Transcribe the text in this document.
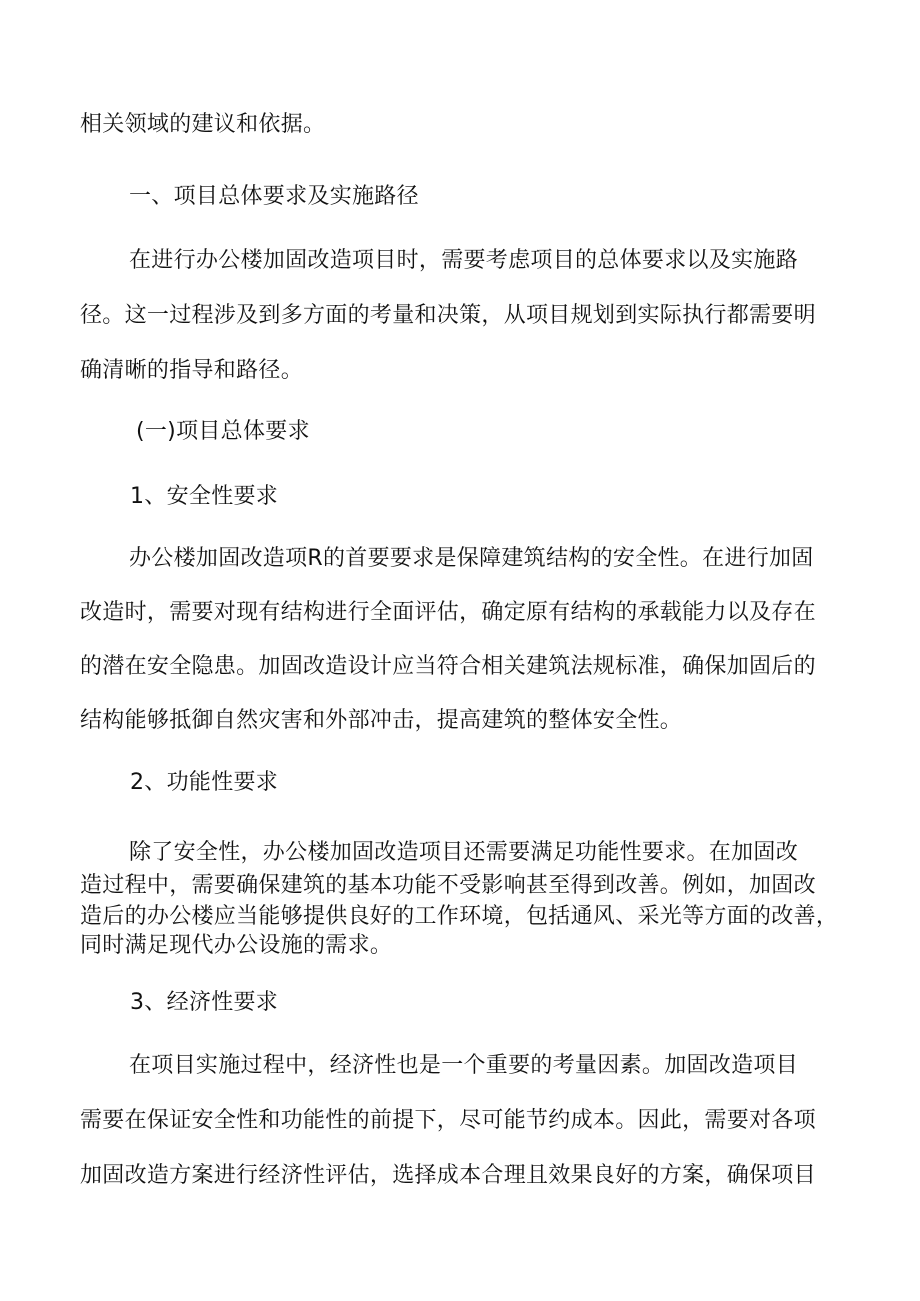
相关领域的建议和依据。
一、项目总体要求及实施路径
在进行办公楼加固改造项目时，需要考虑项目的总体要求以及实施路
径。这一过程涉及到多方面的考量和决策，从项目规划到实际执行都需要明
确清晰的指导和路径。
(一)项目总体要求
1、安全性要求
办公楼加固改造项R的首要要求是保障建筑结构的安全性。在进行加固
改造时，需要对现有结构进行全面评估，确定原有结构的承载能力以及存在
的潜在安全隐患。加固改造设计应当符合相关建筑法规标准，确保加固后的
结构能够抵御自然灾害和外部冲击，提高建筑的整体安全性。
2、功能性要求
除了安全性，办公楼加固改造项目还需要满足功能性要求。在加固改
造过程中，需要确保建筑的基本功能不受影响甚至得到改善。例如，加固改
造后的办公楼应当能够提供良好的工作环境，包括通风、采光等方面的改善，
同时满足现代办公设施的需求。
3、经济性要求
在项目实施过程中，经济性也是一个重要的考量因素。加固改造项目
需要在保证安全性和功能性的前提下，尽可能节约成本。因此，需要对各项
加固改造方案进行经济性评估，选择成本合理且效果良好的方案，确保项目
